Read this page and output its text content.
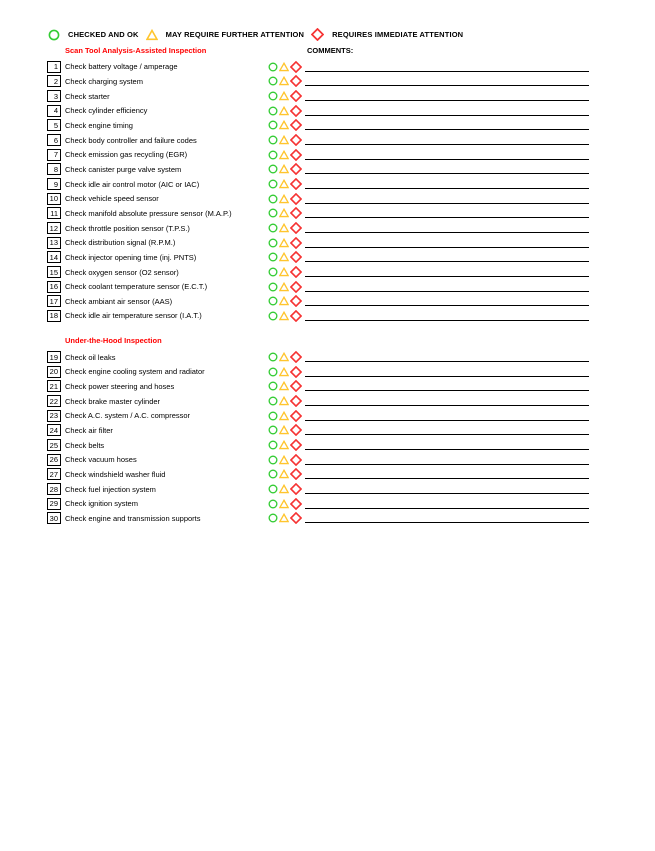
CHECKED AND OK	MAY REQUIRE FURTHER ATTENTION	REQUIRES IMMEDIATE ATTENTION
Scan Tool Analysis-Assisted Inspection	COMMENTS:
1 Check battery voltage / amperage
2 Check charging system
3 Check starter
4 Check cylinder efficiency
5 Check engine timing
6 Check body controller and failure codes
7 Check emission gas recycling (EGR)
8 Check canister purge valve system
9 Check idle air control motor (AIC or IAC)
10 Check vehicle speed sensor
11 Check manifold absolute pressure sensor (M.A.P.)
12 Check throttle position sensor (T.P.S.)
13 Check distribution signal (R.P.M.)
14 Check injector opening time (inj. PNTS)
15 Check oxygen sensor (O2 sensor)
16 Check coolant temperature sensor (E.C.T.)
17 Check ambiant air sensor (AAS)
18 Check idle air temperature sensor (I.A.T.)
Under-the-Hood Inspection
19 Check oil leaks
20 Check engine cooling system and radiator
21 Check power steering and hoses
22 Check brake master cylinder
23 Check A.C. system / A.C. compressor
24 Check air filter
25 Check belts
26 Check vacuum hoses
27 Check windshield washer fluid
28 Check fuel injection system
29 Check ignition system
30 Check engine and transmission supports
